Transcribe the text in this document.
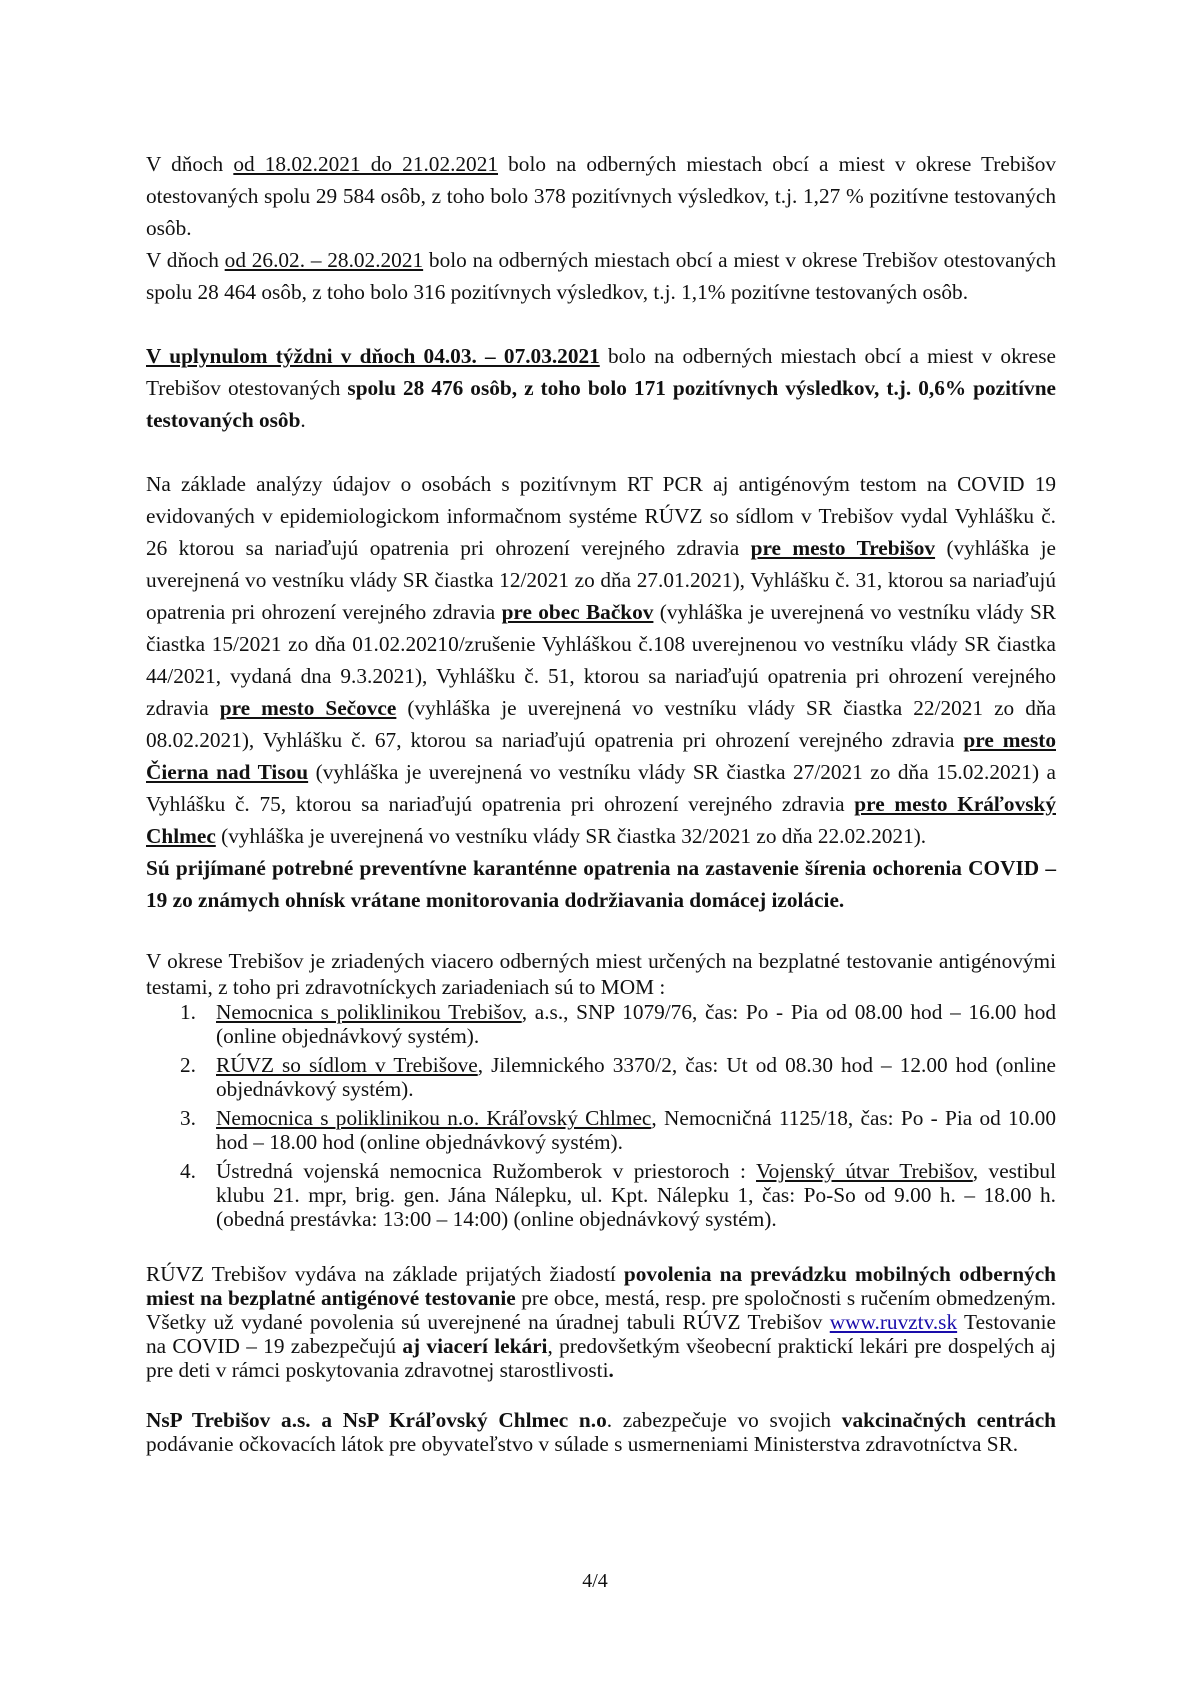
V dňoch od 18.02.2021 do 21.02.2021 bolo na odberných miestach obcí a miest v okrese Trebišov otestovaných spolu 29 584 osôb, z toho bolo 378 pozitívnych výsledkov, t.j. 1,27 % pozitívne testovaných osôb.

V dňoch od 26.02. – 28.02.2021 bolo na odberných miestach obcí a miest v okrese Trebišov otestovaných spolu 28 464 osôb, z toho bolo 316 pozitívnych výsledkov, t.j. 1,1% pozitívne testovaných osôb.

V uplynulom týždni v dňoch 04.03. – 07.03.2021 bolo na odberných miestach obcí a miest v okrese Trebišov otestovaných spolu 28 476 osôb, z toho bolo 171 pozitívnych výsledkov, t.j. 0,6% pozitívne testovaných osôb.

Na základe analýzy údajov o osobách s pozitívnym RT PCR aj antigénovým testom na COVID 19 evidovaných v epidemiologickom informačnom systéme RÚVZ so sídlom v Trebišov vydal Vyhlášku č. 26 ktorou sa nariaďujú opatrenia pri ohrození verejného zdravia pre mesto Trebišov (vyhláška je uverejnená vo vestníku vlády SR čiastka 12/2021 zo dňa 27.01.2021), Vyhlášku č. 31, ktorou sa nariaďujú opatrenia pri ohrození verejného zdravia pre obec Bačkov (vyhláška je uverejnená vo vestníku vlády SR čiastka 15/2021 zo dňa 01.02.20210/zrušenie Vyhláškou č.108 uverejnenou vo vestníku vlády SR čiastka 44/2021, vydaná dna 9.3.2021), Vyhlášku č. 51, ktorou sa nariaďujú opatrenia pri ohrození verejného zdravia pre mesto Sečovce (vyhláška je uverejnená vo vestníku vlády SR čiastka 22/2021 zo dňa 08.02.2021), Vyhlášku č. 67, ktorou sa nariaďujú opatrenia pri ohrození verejného zdravia pre mesto Čierna nad Tisou (vyhláška je uverejnená vo vestníku vlády SR čiastka 27/2021 zo dňa 15.02.2021) a Vyhlášku č. 75, ktorou sa nariaďujú opatrenia pri ohrození verejného zdravia pre mesto Kráľovský Chlmec (vyhláška je uverejnená vo vestníku vlády SR čiastka 32/2021 zo dňa 22.02.2021).

Sú prijímané potrebné preventívne karanténne opatrenia na zastavenie šírenia ochorenia COVID – 19 zo známych ohnísk vrátane monitorovania dodržiavania domácej izolácie.

V okrese Trebišov je zriadených viacero odberných miest určených na bezplatné testovanie antigénovými testami, z toho pri zdravotníckych zariadeniach sú to MOM :

1. Nemocnica s poliklinikou Trebišov, a.s., SNP 1079/76, čas: Po - Pia od 08.00 hod – 16.00 hod (online objednávkový systém).
2. RÚVZ so sídlom v Trebišove, Jilemnického 3370/2, čas: Ut od 08.30 hod – 12.00 hod (online objednávkový systém).
3. Nemocnica s poliklinikou n.o. Kráľovský Chlmec, Nemocničná 1125/18, čas: Po - Pia od 10.00 hod – 18.00 hod (online objednávkový systém).
4. Ústredná vojenská nemocnica Ružomberok v priestoroch : Vojenský útvar Trebišov, vestibul klubu 21. mpr, brig. gen. Jána Nálepku, ul. Kpt. Nálepku 1, čas: Po-So od 9.00 h. – 18.00 h. (obedná prestávka: 13:00 – 14:00) (online objednávkový systém).

RÚVZ Trebišov vydáva na základe prijatých žiadostí povolenia na prevádzku mobilných odberných miest na bezplatné antigénové testovanie pre obce, mestá, resp. pre spoločnosti s ručením obmedzeným. Všetky už vydané povolenia sú uverejnené na úradnej tabuli RÚVZ Trebišov www.ruvztv.sk Testovanie na COVID – 19 zabezpečujú aj viacerí lekári, predovšetkým všeobecní praktickí lekári pre dospelých aj pre deti v rámci poskytovania zdravotnej starostlivosti.

NsP Trebišov a.s. a NsP Kráľovský Chlmec n.o. zabezpečuje vo svojich vakcinačných centrách podávanie očkovacích látok pre obyvateľstvo v súlade s usmerneniami Ministerstva zdravotníctva SR.

4/4
